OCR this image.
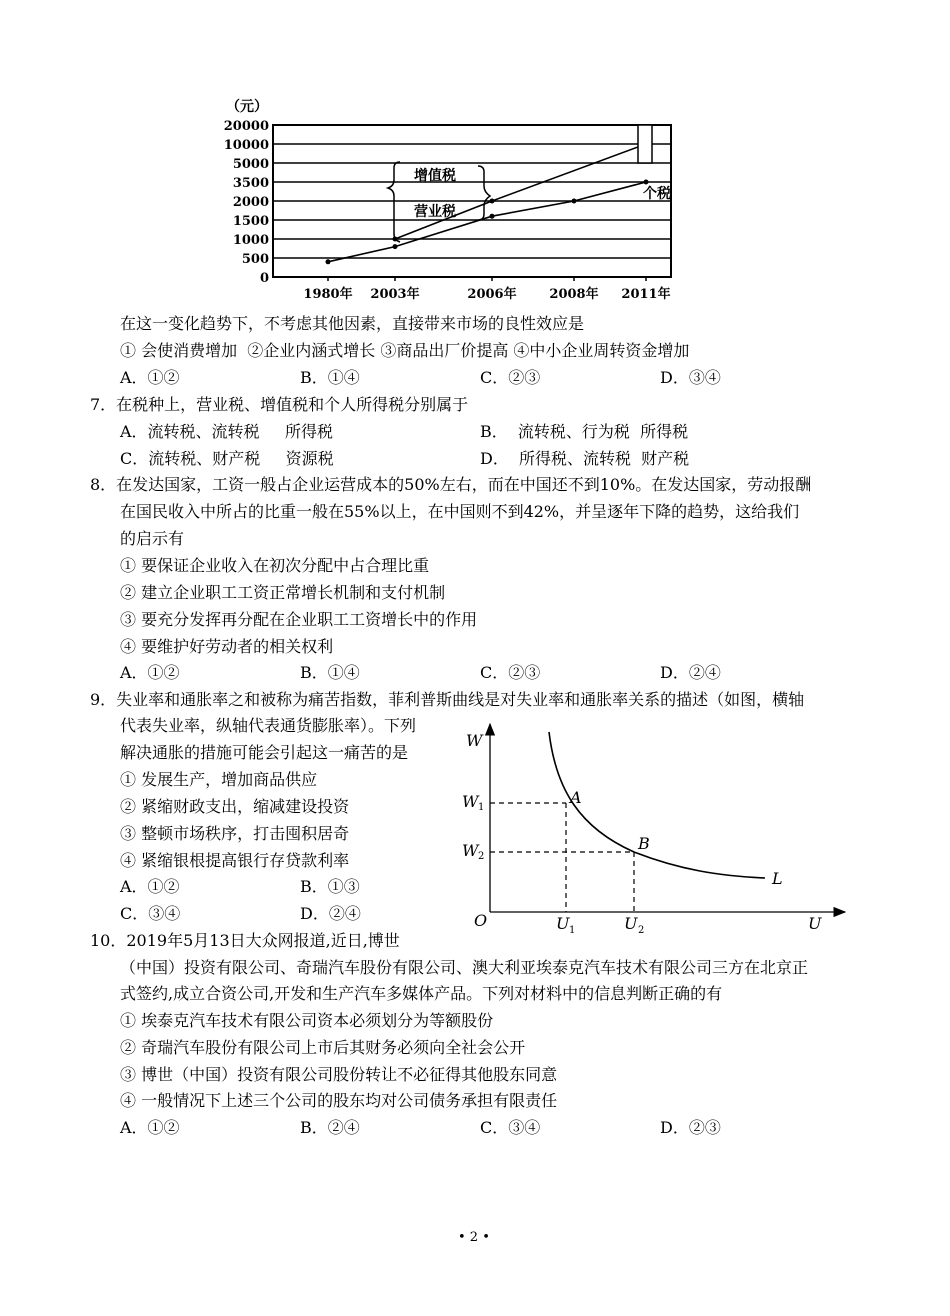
（元）
20000
10000
5000
3500
2000
1500
1000
500
0
1980年 2003年	2006年	2008年 2011年
增值税
营业税
个税
在这一变化趋势下，不考虑其他因素，直接带来市场的良性效应是
① 会使消费增加  ②企业内涵式增长 ③商品出厂价提高 ④中小企业周转资金增加
A．①②	B．①④	C．②③	D．③④
7．在税种上，营业税、增值税和个人所得税分别属于
A．流转税、流转税     所得税	B．  流转税、行为税  所得税
C．流转税、财产税     资源税	D．  所得税、流转税  财产税
8．在发达国家，工资一般占企业运营成本的50%左右，而在中国还不到10%。在发达国家，劳动报酬
在国民收入中所占的比重一般在55%以上，在中国则不到42%，并呈逐年下降的趋势，这给我们
的启示有
① 要保证企业收入在初次分配中占合理比重
② 建立企业职工工资正常增长机制和支付机制
③ 要充分发挥再分配在企业职工工资增长中的作用
④ 要维护好劳动者的相关权利
A．①②	B．①④	C．②③	D．②④
9．失业率和通胀率之和被称为痛苦指数，菲利普斯曲线是对失业率和通胀率关系的描述（如图，横轴
代表失业率，纵轴代表通货膨胀率）。下列
解决通胀的措施可能会引起这一痛苦的是
① 发展生产，增加商品供应
② 紧缩财政支出，缩减建设投资
③ 整顿市场秩序，打击囤积居奇
④ 紧缩银根提高银行存贷款利率
A．①②	B．①③
C．③④	D．②④
W
U
O
W
W
U	U
A
B
L
1
2
1	2
10．2019年5月13日大众网报道,近日,博世
（中国）投资有限公司、奇瑞汽车股份有限公司、澳大利亚埃泰克汽车技术有限公司三方在北京正
式签约,成立合资公司,开发和生产汽车多媒体产品。下列对材料中的信息判断正确的有
① 埃泰克汽车技术有限公司资本必须划分为等额股份
② 奇瑞汽车股份有限公司上市后其财务必须向全社会公开
③ 博世（中国）投资有限公司股份转让不必征得其他股东同意
④ 一般情况下上述三个公司的股东均对公司债务承担有限责任
A．①②	B．②④	C．③④	D．②③
• 2 •
